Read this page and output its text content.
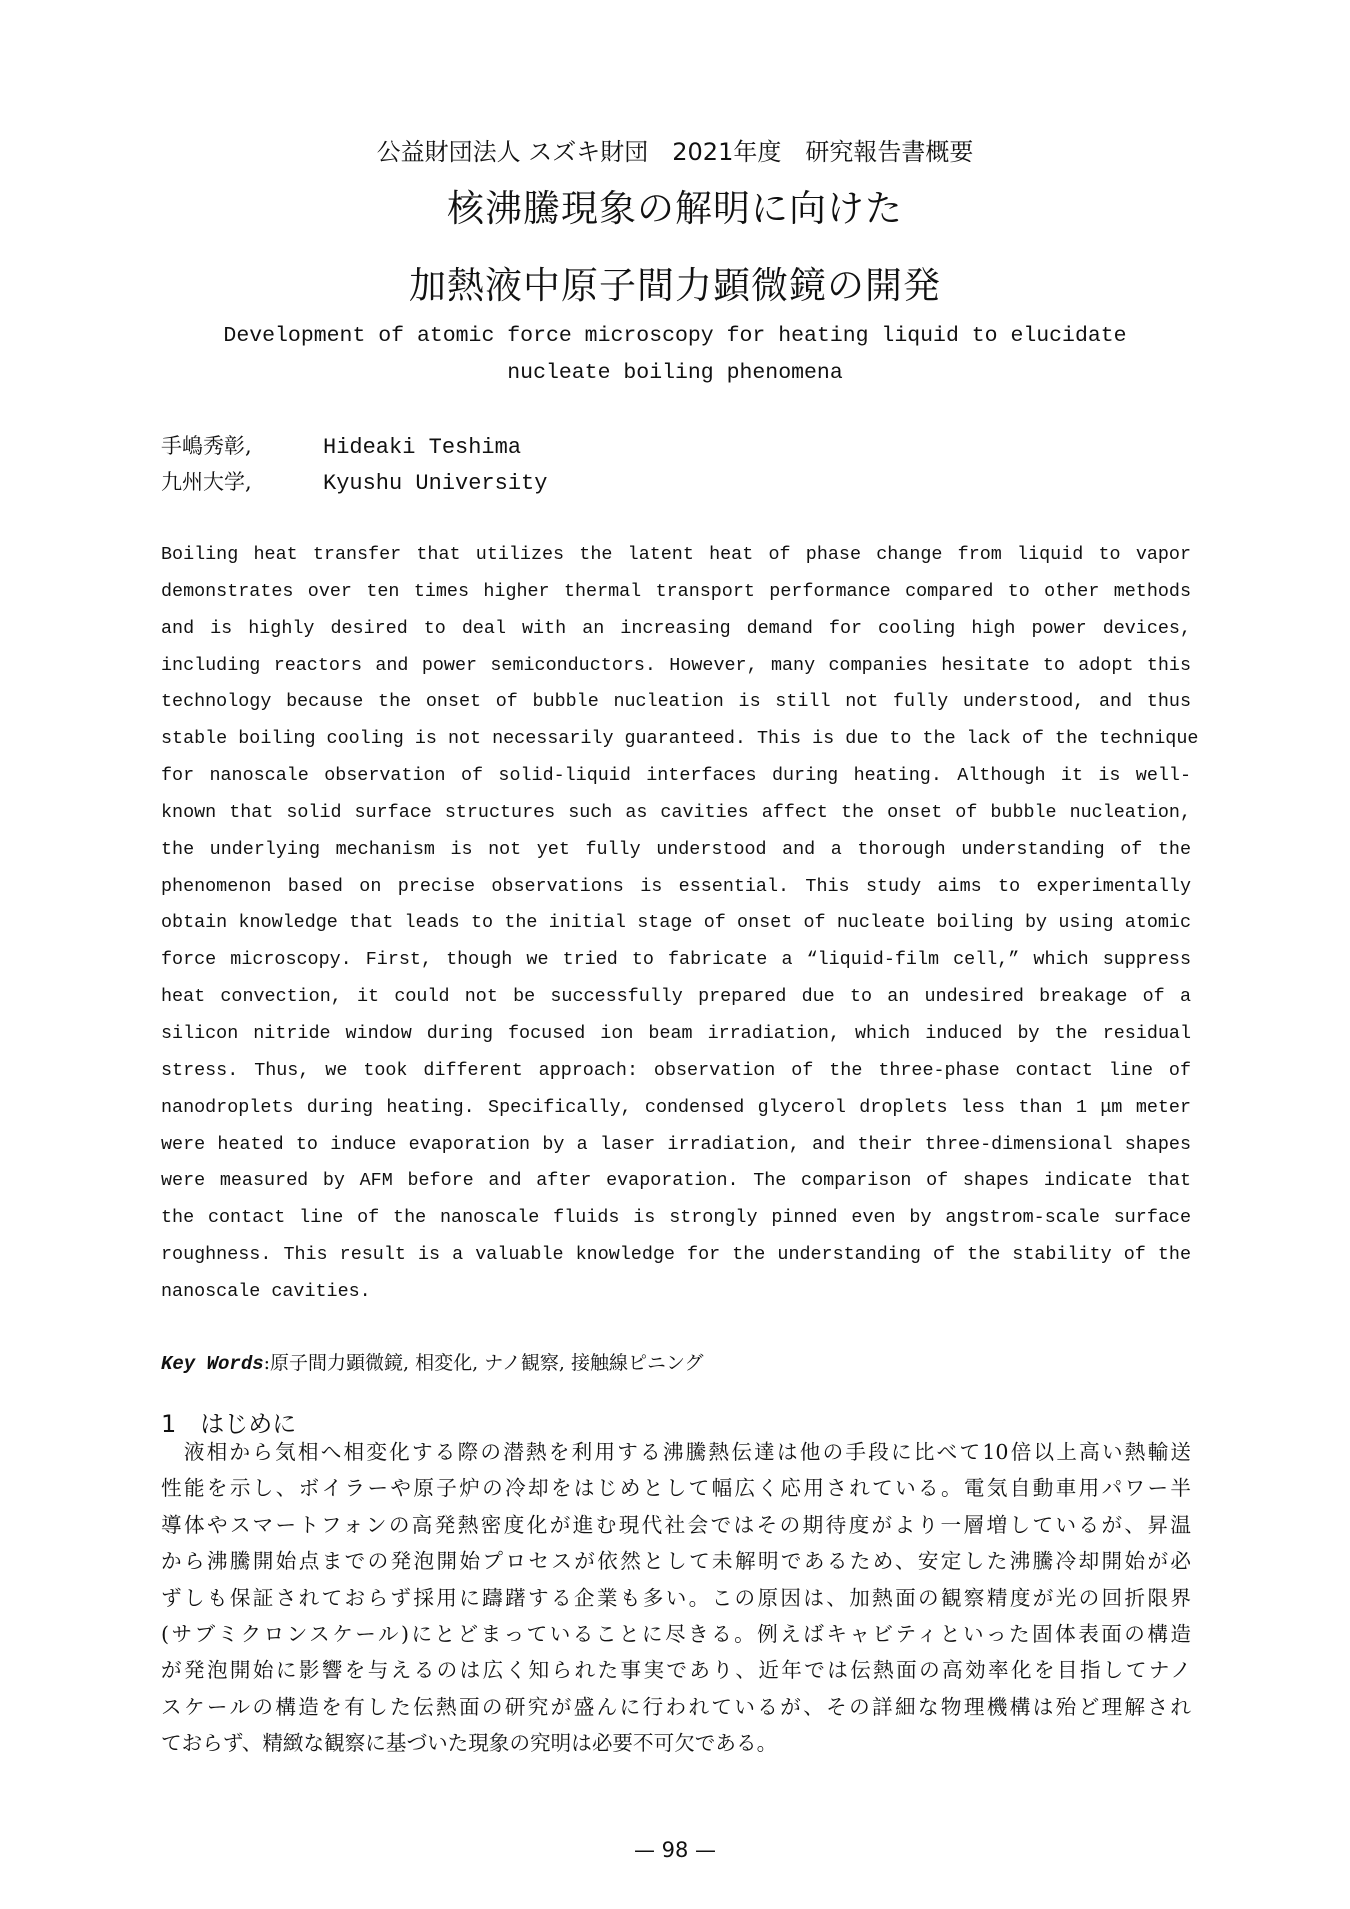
公益財団法人 スズキ財団　2021年度　研究報告書概要
核沸騰現象の解明に向けた
加熱液中原子間力顕微鏡の開発
Development of atomic force microscopy for heating liquid to elucidate
nucleate boiling phenomena
手嶋秀彰,	Hideaki Teshima
九州大学,	Kyushu University
Boiling heat transfer that utilizes the latent heat of phase change from liquid to vapor
demonstrates over ten times higher thermal transport performance compared to other methods
and is highly desired to deal with an increasing demand for cooling high power devices,
including reactors and power semiconductors. However, many companies hesitate to adopt this
technology because the onset of bubble nucleation is still not fully understood, and thus
stable boiling cooling is not necessarily guaranteed. This is due to the lack of the technique
for nanoscale observation of solid-liquid interfaces during heating. Although it is well-
known that solid surface structures such as cavities affect the onset of bubble nucleation,
the underlying mechanism is not yet fully understood and a thorough understanding of the
phenomenon based on precise observations is essential. This study aims to experimentally
obtain knowledge that leads to the initial stage of onset of nucleate boiling by using atomic
force microscopy. First, though we tried to fabricate a “liquid-film cell,” which suppress
heat convection, it could not be successfully prepared due to an undesired breakage of a
silicon nitride window during focused ion beam irradiation, which induced by the residual
stress. Thus, we took different approach: observation of the three-phase contact line of
nanodroplets during heating. Specifically, condensed glycerol droplets less than 1 μm meter
were heated to induce evaporation by a laser irradiation, and their three-dimensional shapes
were measured by AFM before and after evaporation. The comparison of shapes indicate that
the contact line of the nanoscale fluids is strongly pinned even by angstrom-scale surface
roughness. This result is a valuable knowledge for the understanding of the stability of the
nanoscale cavities.
Key Words:原子間力顕微鏡, 相変化, ナノ観察, 接触線ピニング
1　はじめに
　液相から気相へ相変化する際の潜熱を利用する沸騰熱伝達は他の手段に比べて10倍以上高い熱輸送
性能を示し、ボイラーや原子炉の冷却をはじめとして幅広く応用されている。電気自動車用パワー半
導体やスマートフォンの高発熱密度化が進む現代社会ではその期待度がより一層増しているが、昇温
から沸騰開始点までの発泡開始プロセスが依然として未解明であるため、安定した沸騰冷却開始が必
ずしも保証されておらず採用に躊躇する企業も多い。この原因は、加熱面の観察精度が光の回折限界
(サブミクロンスケール)にとどまっていることに尽きる。例えばキャビティといった固体表面の構造
が発泡開始に影響を与えるのは広く知られた事実であり、近年では伝熱面の高効率化を目指してナノ
スケールの構造を有した伝熱面の研究が盛んに行われているが、その詳細な物理機構は殆ど理解され
ておらず、精緻な観察に基づいた現象の究明は必要不可欠である。
— 98 —
